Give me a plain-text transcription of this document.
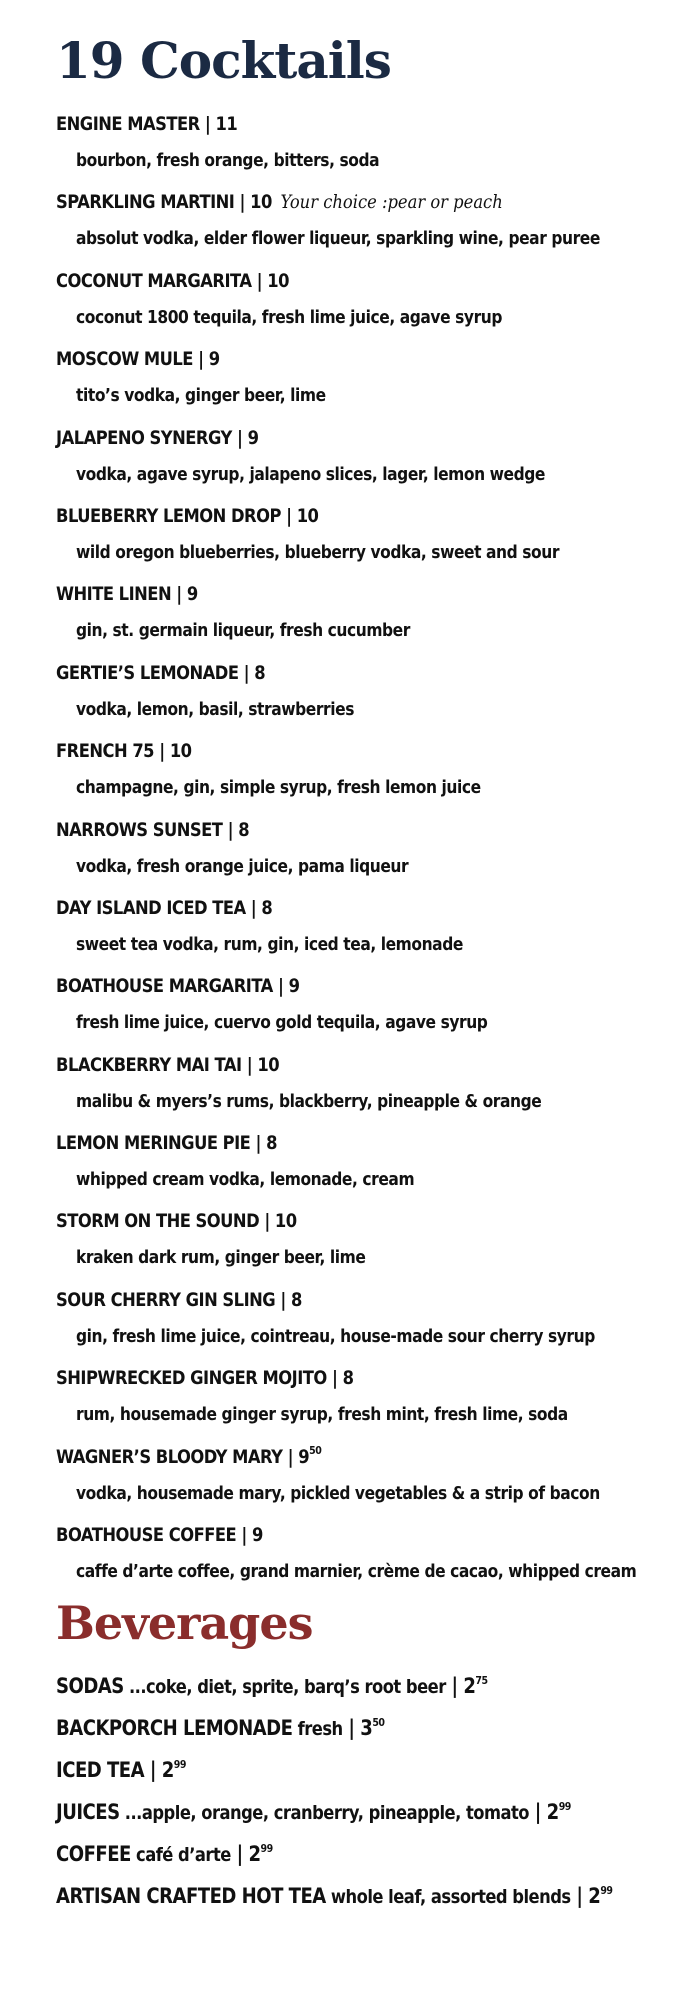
19 Cocktails
ENGINE MASTER | 11
bourbon, fresh orange, bitters, soda
SPARKLING MARTINI | 10 Your choice :pear or peach
absolut vodka, elder flower liqueur, sparkling wine, pear puree
COCONUT MARGARITA | 10
coconut 1800 tequila, fresh lime juice, agave syrup
MOSCOW MULE | 9
tito’s vodka, ginger beer, lime
JALAPENO SYNERGY | 9
vodka, agave syrup, jalapeno slices, lager, lemon wedge
BLUEBERRY LEMON DROP | 10
wild oregon blueberries, blueberry vodka, sweet and sour
WHITE LINEN | 9
gin, st. germain liqueur, fresh cucumber
GERTIE’S LEMONADE | 8
vodka, lemon, basil, strawberries
FRENCH 75 | 10
champagne, gin, simple syrup, fresh lemon juice
NARROWS SUNSET | 8
vodka, fresh orange juice, pama liqueur
DAY ISLAND ICED TEA | 8
sweet tea vodka, rum, gin, iced tea, lemonade
BOATHOUSE MARGARITA | 9
fresh lime juice, cuervo gold tequila, agave syrup
BLACKBERRY MAI TAI | 10
malibu & myers’s rums, blackberry, pineapple & orange
LEMON MERINGUE PIE | 8
whipped cream vodka, lemonade, cream
STORM ON THE SOUND | 10
kraken dark rum, ginger beer, lime
SOUR CHERRY GIN SLING | 8
gin, fresh lime juice, cointreau, house-made sour cherry syrup
SHIPWRECKED GINGER MOJITO | 8
rum, housemade ginger syrup, fresh mint, fresh lime, soda
WAGNER’S BLOODY MARY | $9^{50}$
vodka, housemade mary, pickled vegetables & a strip of bacon
BOATHOUSE COFFEE | 9
caffe d’arte coffee, grand marnier, crème de cacao, whipped cream
Beverages
SODAS ...coke, diet, sprite, barq’s root beer | $2^{75}$
BACKPORCH LEMONADE fresh | $3^{50}$
ICED TEA | $2^{99}$
JUICES ...apple, orange, cranberry, pineapple, tomato | $2^{99}$
COFFEE café d’arte | $2^{99}$
ARTISAN CRAFTED HOT TEA whole leaf, assorted blends | $2^{99}$
